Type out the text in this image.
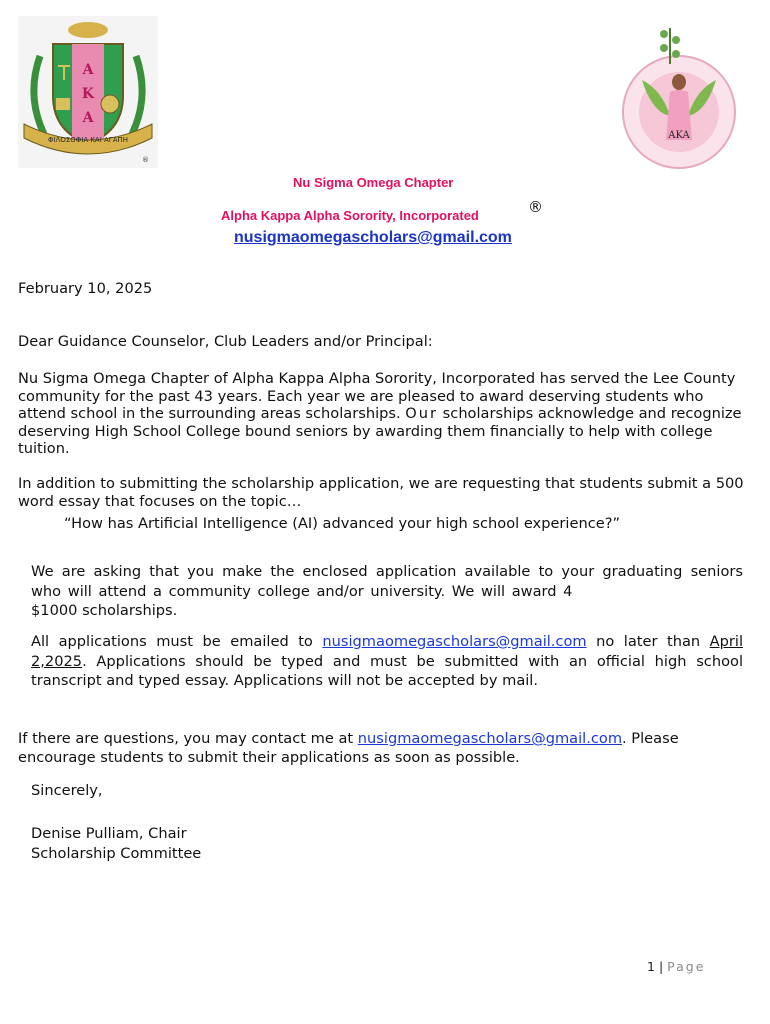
A
K
A
ΦΙΛΟΣΟΦΙΑ ΚΑΙ ΑΓΑΠΗ
®
AKA
Nu Sigma Omega Chapter
Alpha Kappa Alpha Sorority, Incorporated	®
nusigmaomegascholars@gmail.com

February 10, 2025

Dear Guidance Counselor, Club Leaders and/or Principal:

Nu Sigma Omega Chapter of Alpha Kappa Alpha Sorority, Incorporated has served the Lee County community for the past 43 years. Each year we are pleased to award deserving students who attend school in the surrounding areas scholarships. Our scholarships acknowledge and recognize deserving High School College bound seniors by awarding them financially to help with college tuition.

In addition to submitting the scholarship application, we are requesting that students submit a 500 word essay that focuses on the topic…

“How has Artificial Intelligence (AI) advanced your high school experience?”

We are asking that you make the enclosed application available to your graduating seniors
who will attend a community college and/or university. We will award 4
$1000 scholarships.

All applications must be emailed to nusigmaomegascholars@gmail.com no later than April 2,2025. Applications should be typed and must be submitted with an official high school transcript and typed essay. Applications will not be accepted by mail.

If there are questions, you may contact me at nusigmaomegascholars@gmail.com. Please encourage students to submit their applications as soon as possible.

Sincerely,

Denise Pulliam, Chair

Scholarship Committee

1 | Page
